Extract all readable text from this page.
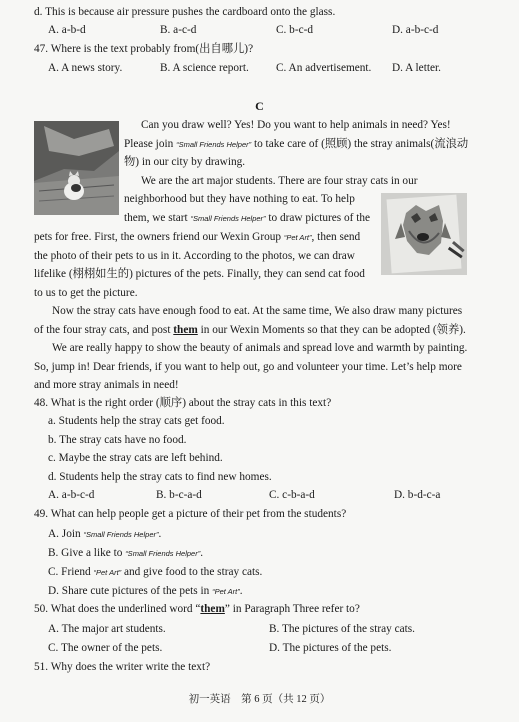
d. This is because air pressure pushes the cardboard onto the glass.
A. a-b-d	B. a-c-d	C. b-c-d	D. a-b-c-d
47. Where is the text probably from(出自哪儿)?
A. A news story.	B. A science report. C. An advertisement. D. A letter.
C
Can you draw well? Yes! Do you want to help animals in need? Yes!
Please join “Small Friends Helper” to take care of (照顾) the stray animals(流浪动
物) in our city by drawing.
We are the art major students. There are four stray cats in our
neighborhood but they have nothing to eat. To help
them, we start “Small Friends Helper” to draw pictures of the
pets for free. First, the owners friend our Wexin Group “Pet Art”, then send
the photo of their pets to us in it. According to the photos, we can draw
lifelike (栩栩如生的) pictures of the pets. Finally, they can send cat food
to us to get the picture.
Now the stray cats have enough food to eat. At the same time, We also draw many pictures
of the four stray cats, and post them in our Wexin Moments so that they can be adopted (领养).
We are really happy to show the beauty of animals and spread love and warmth by painting.
So, jump in! Dear friends, if you want to help out, go and volunteer your time. Let’s help more
and more stray animals in need!
48. What is the right order (顺序) about the stray cats in this text?
a. Students help the stray cats get food.
b. The stray cats have no food.
c. Maybe the stray cats are left behind.
d. Students help the stray cats to find new homes.
A. a-b-c-d	B. b-c-a-d	C. c-b-a-d	D. b-d-c-a
49. What can help people get a picture of their pet from the students?
A. Join “Small Friends Helper”.
B. Give a like to “Small Friends Helper”.
C. Friend “Pet Art” and give food to the stray cats.
D. Share cute pictures of the pets in “Pet Art”.
50. What does the underlined word “them” in Paragraph Three refer to?
A. The major art students.	B. The pictures of the stray cats.
C. The owner of the pets.	D. The pictures of the pets.
51. Why does the writer write the text?
初一英语　第 6 页（共 12 页）
